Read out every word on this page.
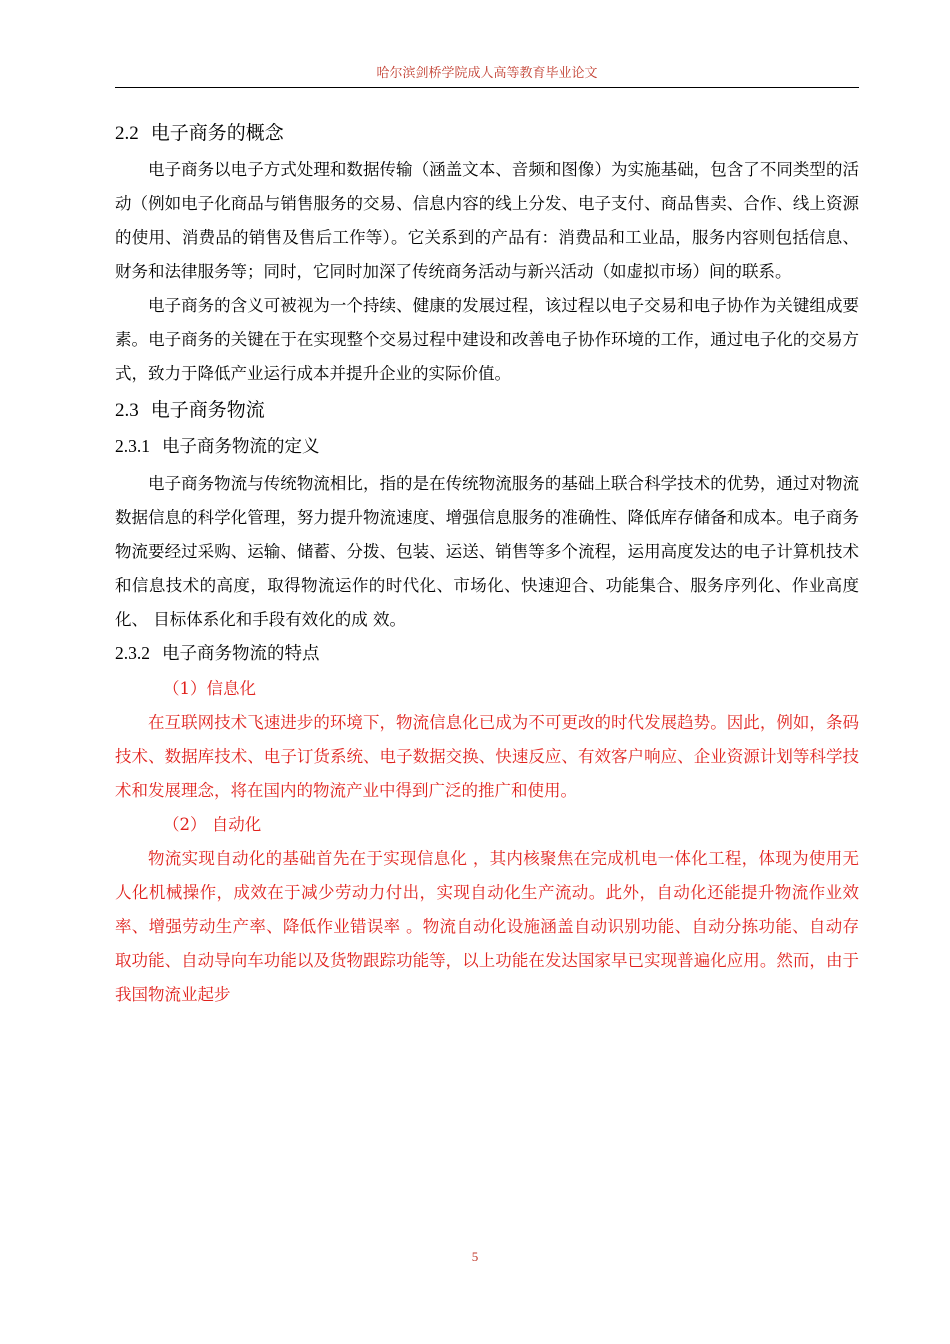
哈尔滨剑桥学院成人高等教育毕业论文
2.2 电子商务的概念

电子商务以电子方式处理和数据传输（涵盖文本、音频和图像）为实施基础，包含了不同类型的活动（例如电子化商品与销售服务的交易、信息内容的线上分发、电子支付、商品售卖、合作、线上资源的使用、消费品的销售及售后工作等）。它关系到的产品有：消费品和工业品，服务内容则包括信息、财务和法律服务等；同时，它同时加深了传统商务活动与新兴活动（如虚拟市场）间的联系。

电子商务的含义可被视为一个持续、健康的发展过程，该过程以电子交易和电子协作为关键组成要素。电子商务的关键在于在实现整个交易过程中建设和改善电子协作环境的工作，通过电子化的交易方式，致力于降低产业运行成本并提升企业的实际价值。

2.3 电子商务物流
2.3.1 电子商务物流的定义

电子商务物流与传统物流相比，指的是在传统物流服务的基础上联合科学技术的优势，通过对物流数据信息的科学化管理，努力提升物流速度、增强信息服务的准确性、降低库存储备和成本。电子商务物流要经过采购、运输、储蓄、分拨、包装、运送、销售等多个流程，运用高度发达的电子计算机技术和信息技术的高度，取得物流运作的时代化、市场化、快速迎合、功能集合、服务序列化、作业高度化、 目标体系化和手段有效化的成 效。

2.3.2 电子商务物流的特点
（1）信息化

在互联网技术飞速进步的环境下，物流信息化已成为不可更改的时代发展趋势。因此，例如，条码技术、数据库技术、电子订货系统、电子数据交换、快速反应、有效客户响应、企业资源计划等科学技术和发展理念，将在国内的物流产业中得到广泛的推广和使用。

（2） 自动化

物流实现自动化的基础首先在于实现信息化 ，其内核聚焦在完成机电一体化工程，体现为使用无人化机械操作，成效在于减少劳动力付出，实现自动化生产流动。此外，自动化还能提升物流作业效率、增强劳动生产率、降低作业错误率 。物流自动化设施涵盖自动识别功能、自动分拣功能、自动存取功能、自动导向车功能以及货物跟踪功能等，以上功能在发达国家早已实现普遍化应用。然而，由于我国物流业起步

5
